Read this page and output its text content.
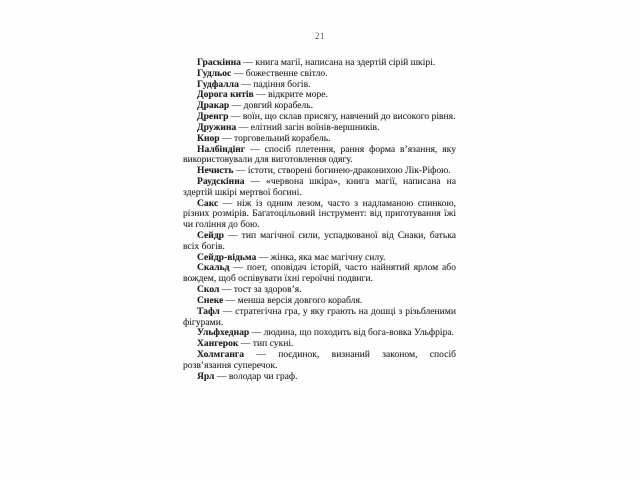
21

Граскінна — книга магії, написана на здертій сірій шкірі.

Гудльос — божественне світло.

Гудфалла — падіння богів.

Дорога китів — відкрите море.

Дракар — довгий корабель.

Дренгр — воїн, що склав присягу, навчений до високого рівня.

Дружина — елітний загін воїнів-вершників.

Кнор — торговельний корабель.

Налбіндінг — спосіб плетення, рання форма вʼязання, яку використовували для виготовлення одягу.

Нечисть — істоти, створені богинею-драконихою Лік-Ріфою.

Раудскінна — «червона шкіра», книга магії, написана на здертій шкірі мертвої богині.

Сакс — ніж із одним лезом, часто з надламаною спинкою, різних розмірів. Багатоцільовий інструмент: від приготування їжі чи гоління до бою.

Сейдр — тип магічної сили, успадкованої від Снаки, батька всіх богів.

Сейдр-відьма — жінка, яка має магічну силу.

Скальд — поет, оповідач історій, часто найнятий ярлом або вождем, щоб оспівувати їхні героїчні подвиги.

Скол — тост за здоровʼя.

Снеке — менша версія довгого корабля.

Тафл — стратегічна гра, у яку грають на дошці з різьбленими фігурами.

Ульфхеднар — людина, що походить від бога-вовка Ульфріра.

Хангерок — тип сукні.

Холмганга — поєдинок, визнаний законом, спосіб розвʼязання суперечок.

Ярл — володар чи граф.
